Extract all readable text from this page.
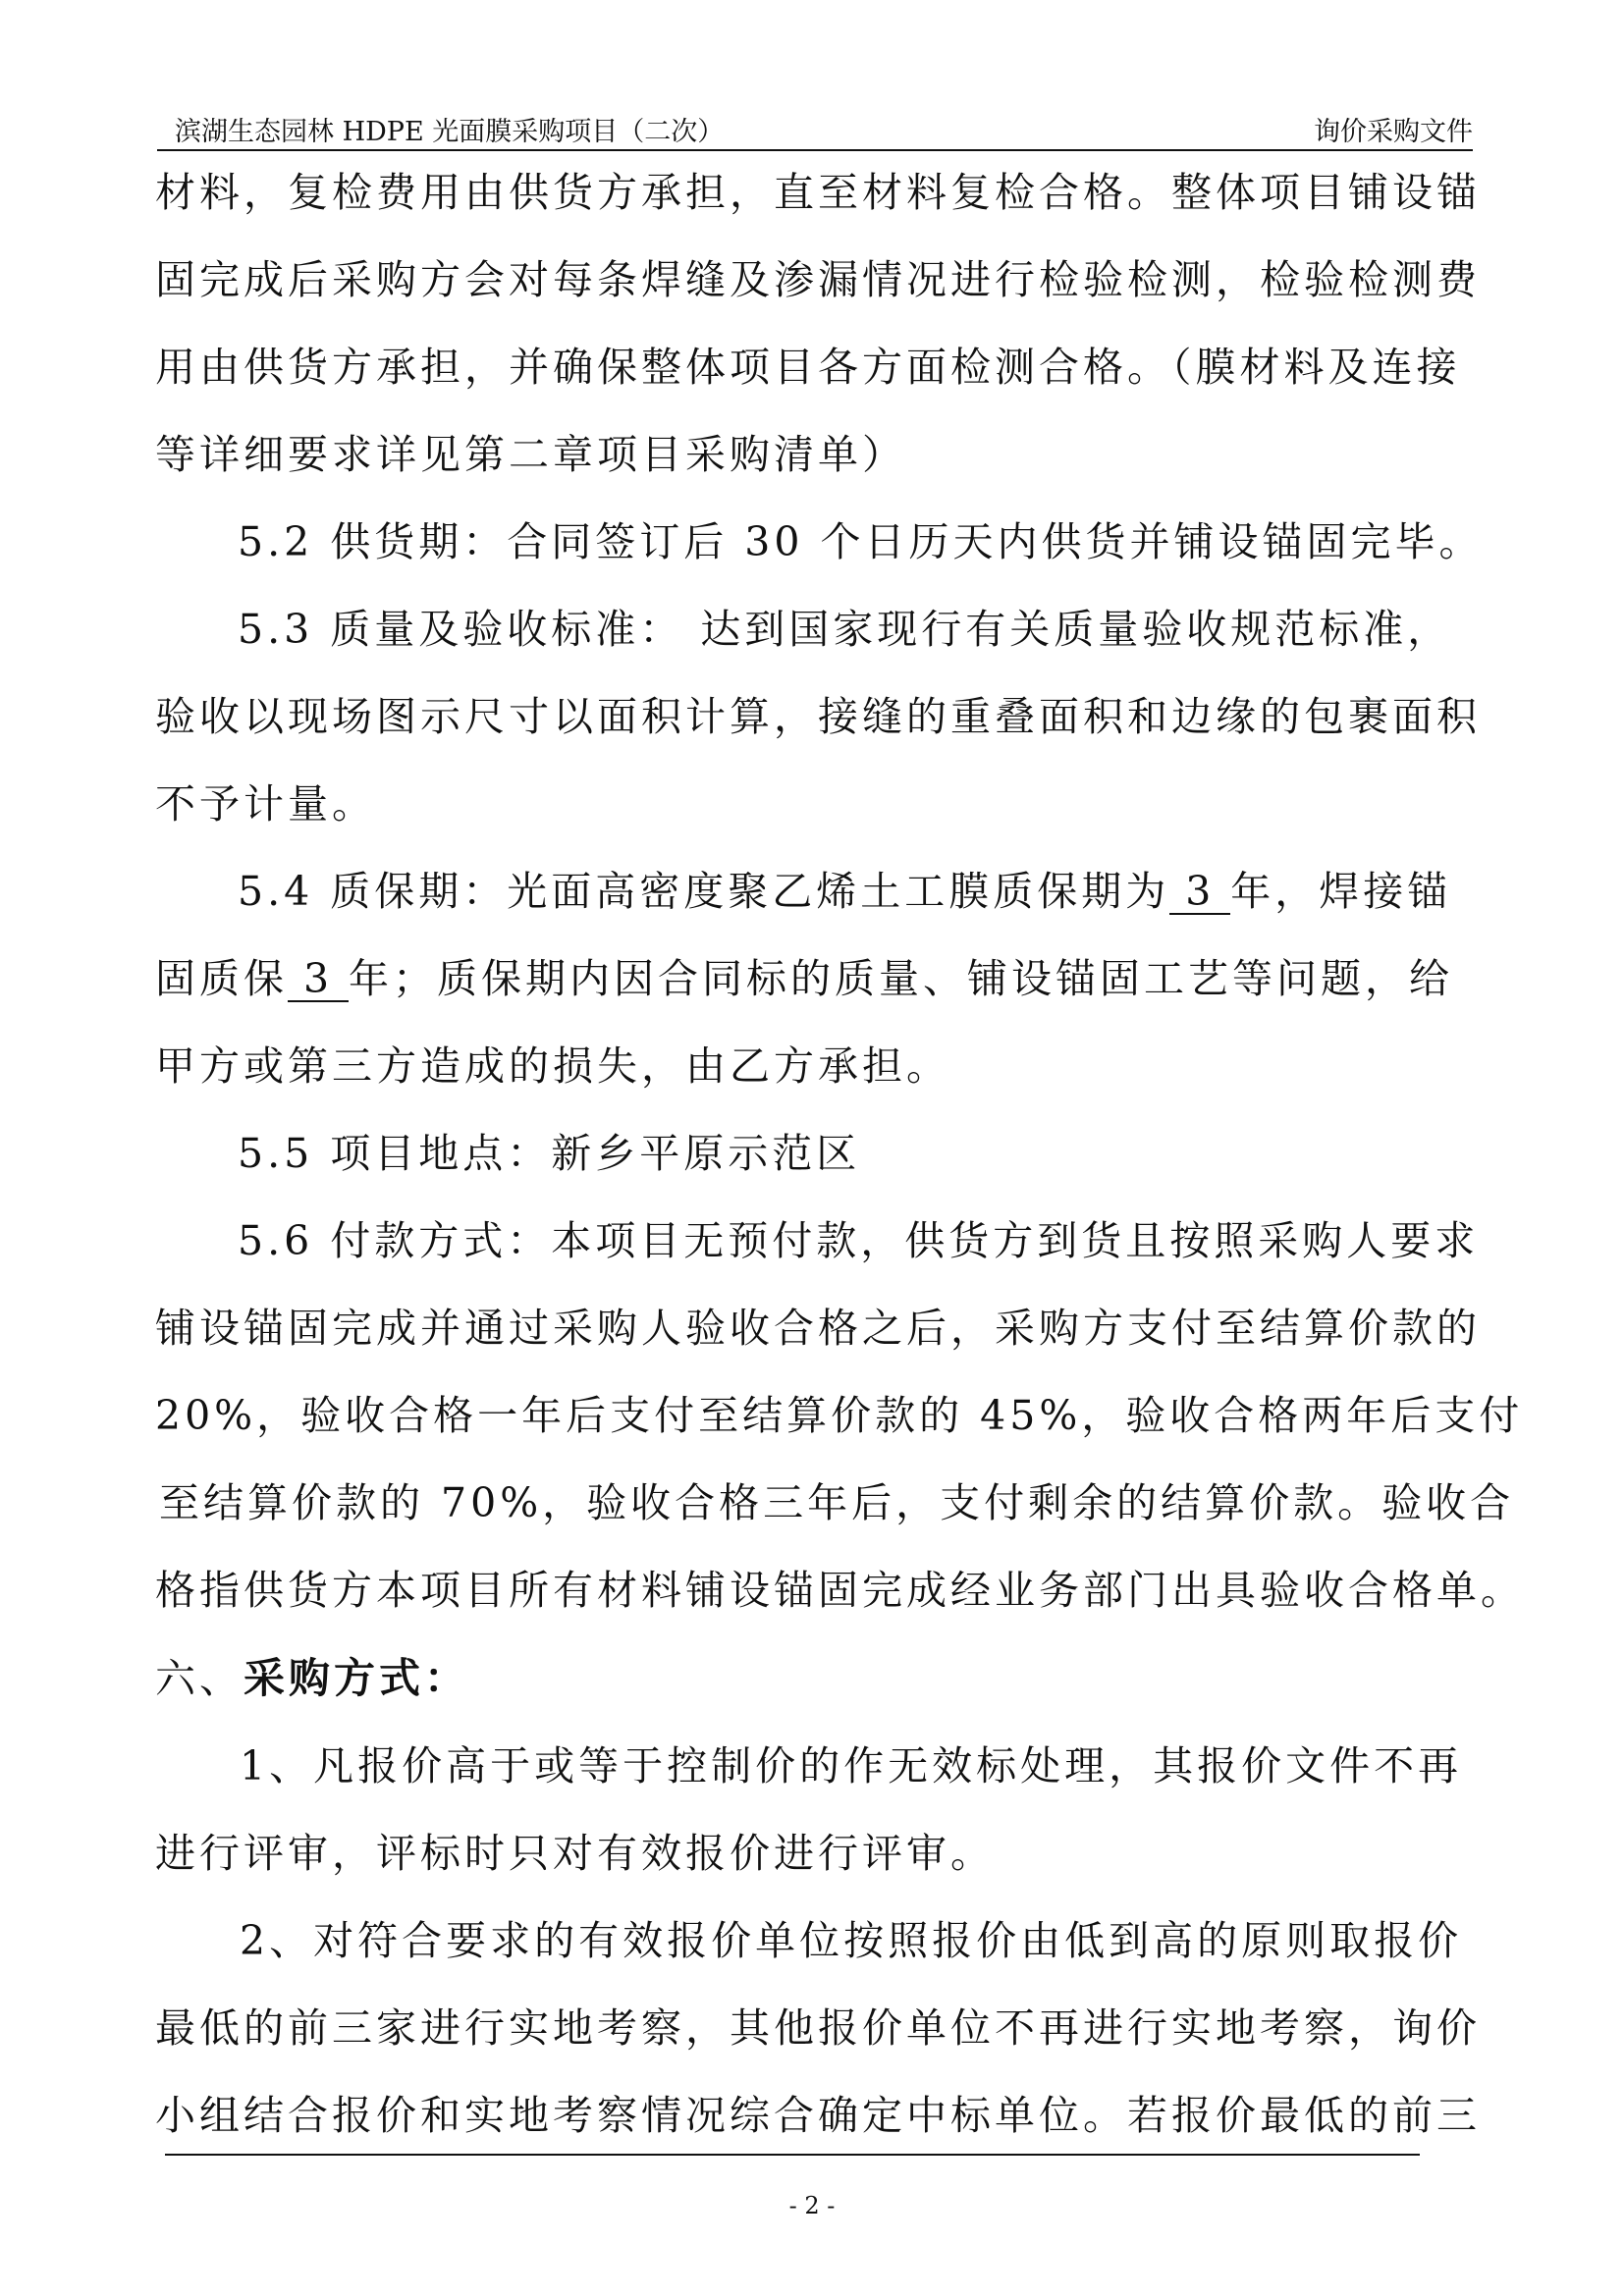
滨湖生态园林 HDPE 光面膜采购项目（二次）	询价采购文件

材料，复检费用由供货方承担，直至材料复检合格。整体项目铺设锚

固完成后采购方会对每条焊缝及渗漏情况进行检验检测，检验检测费

用由供货方承担，并确保整体项目各方面检测合格。（膜材料及连接

等详细要求详见第二章项目采购清单）

5.2 供货期：合同签订后 30 个日历天内供货并铺设锚固完毕。

5.3 质量及验收标准： 达到国家现行有关质量验收规范标准，

验收以现场图示尺寸以面积计算，接缝的重叠面积和边缘的包裹面积

不予计量。

5.4 质保期：光面高密度聚乙烯土工膜质保期为 3 年，焊接锚

固质保 3 年；质保期内因合同标的质量、铺设锚固工艺等问题，给

甲方或第三方造成的损失，由乙方承担。

5.5 项目地点：新乡平原示范区

5.6 付款方式：本项目无预付款，供货方到货且按照采购人要求

铺设锚固完成并通过采购人验收合格之后，采购方支付至结算价款的

20%，验收合格一年后支付至结算价款的 45%，验收合格两年后支付

至结算价款的 70%，验收合格三年后，支付剩余的结算价款。验收合

格指供货方本项目所有材料铺设锚固完成经业务部门出具验收合格单。

六、采购方式：

1、凡报价高于或等于控制价的作无效标处理，其报价文件不再

进行评审，评标时只对有效报价进行评审。

2、对符合要求的有效报价单位按照报价由低到高的原则取报价

最低的前三家进行实地考察，其他报价单位不再进行实地考察，询价

小组结合报价和实地考察情况综合确定中标单位。若报价最低的前三

- 2 -
